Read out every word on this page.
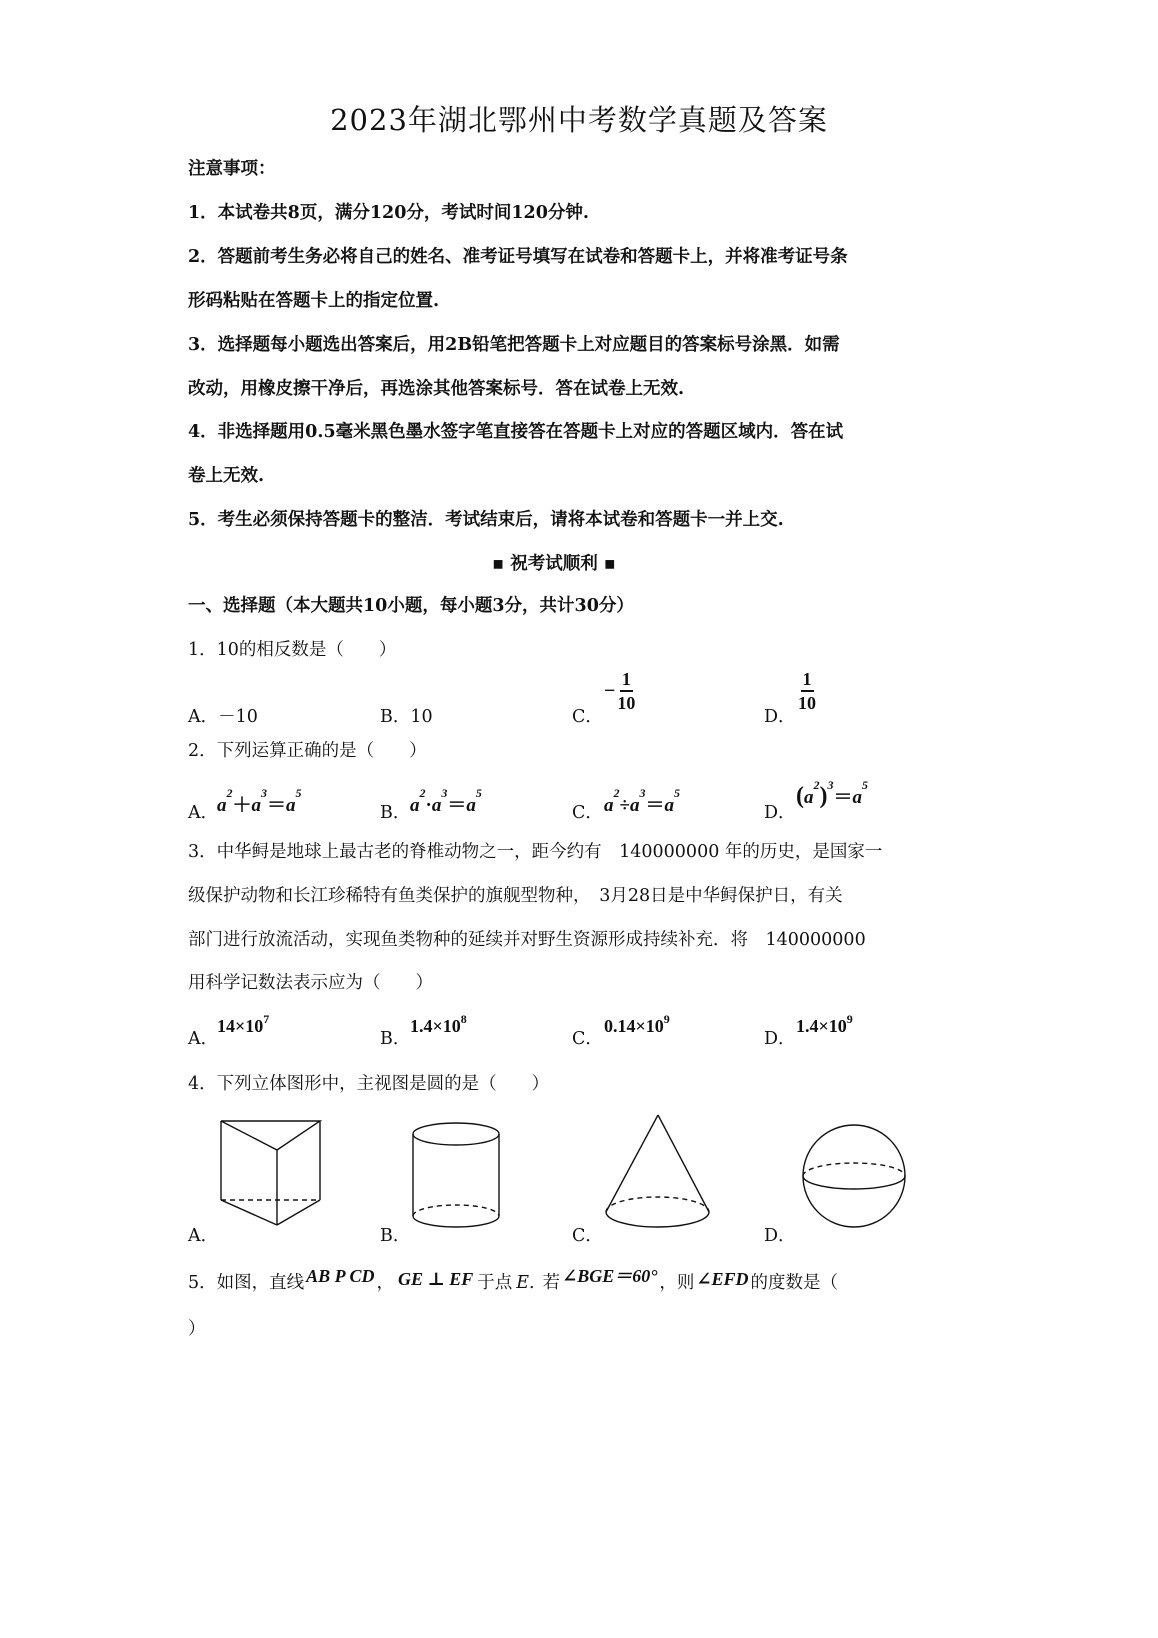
2023年湖北鄂州中考数学真题及答案
注意事项：
1．本试卷共8页，满分120分，考试时间120分钟.
2．答题前考生务必将自己的姓名、准考证号填写在试卷和答题卡上，并将准考证号条
形码粘贴在答题卡上的指定位置.
3．选择题每小题选出答案后，用2B铅笔把答题卡上对应题目的答案标号涂黑．如需
改动，用橡皮擦干净后，再选涂其他答案标号．答在试卷上无效.
4．非选择题用0.5毫米黑色墨水签字笔直接答在答题卡上对应的答题区域内．答在试
卷上无效.
5．考生必须保持答题卡的整洁．考试结束后，请将本试卷和答题卡一并上交.
▪ 祝考试顺利 ▪
一、选择题（本大题共10小题，每小题3分，共计30分）
1．10的相反数是（　　）
A．－10	B．10	C．
− $\frac{1}{10}$
D．
$\frac{1}{10}$
2．下列运算正确的是（　　）
A．
$a^2+a^3=a^5$
B． $a^2\cdot a^3=a^5$
C． $a^2\div a^3=a^5$
D．
$(a^2)^3=a^5$
3．中华鲟是地球上最古老的脊椎动物之一，距今约有　140000000 年的历史，是国家一
级保护动物和长江珍稀特有鱼类保护的旗舰型物种，　3月28日是中华鲟保护日，有关
部门进行放流活动，实现鱼类物种的延续并对野生资源形成持续补充．将　140000000
用科学记数法表示应为（　　）
A．
$14\times 10^7$
B．
$1.4\times 10^8$
C．
$0.14\times 10^9$
D．
$1.4\times 10^9$
4．下列立体图形中，主视图是圆的是（　　）
A．	B．	C．	D．
5．如图，直线 AB P CD ， GE ⊥ EF 于点 E. 若 ∠BGE＝60° ，则 ∠EFD 的度数是（
）
